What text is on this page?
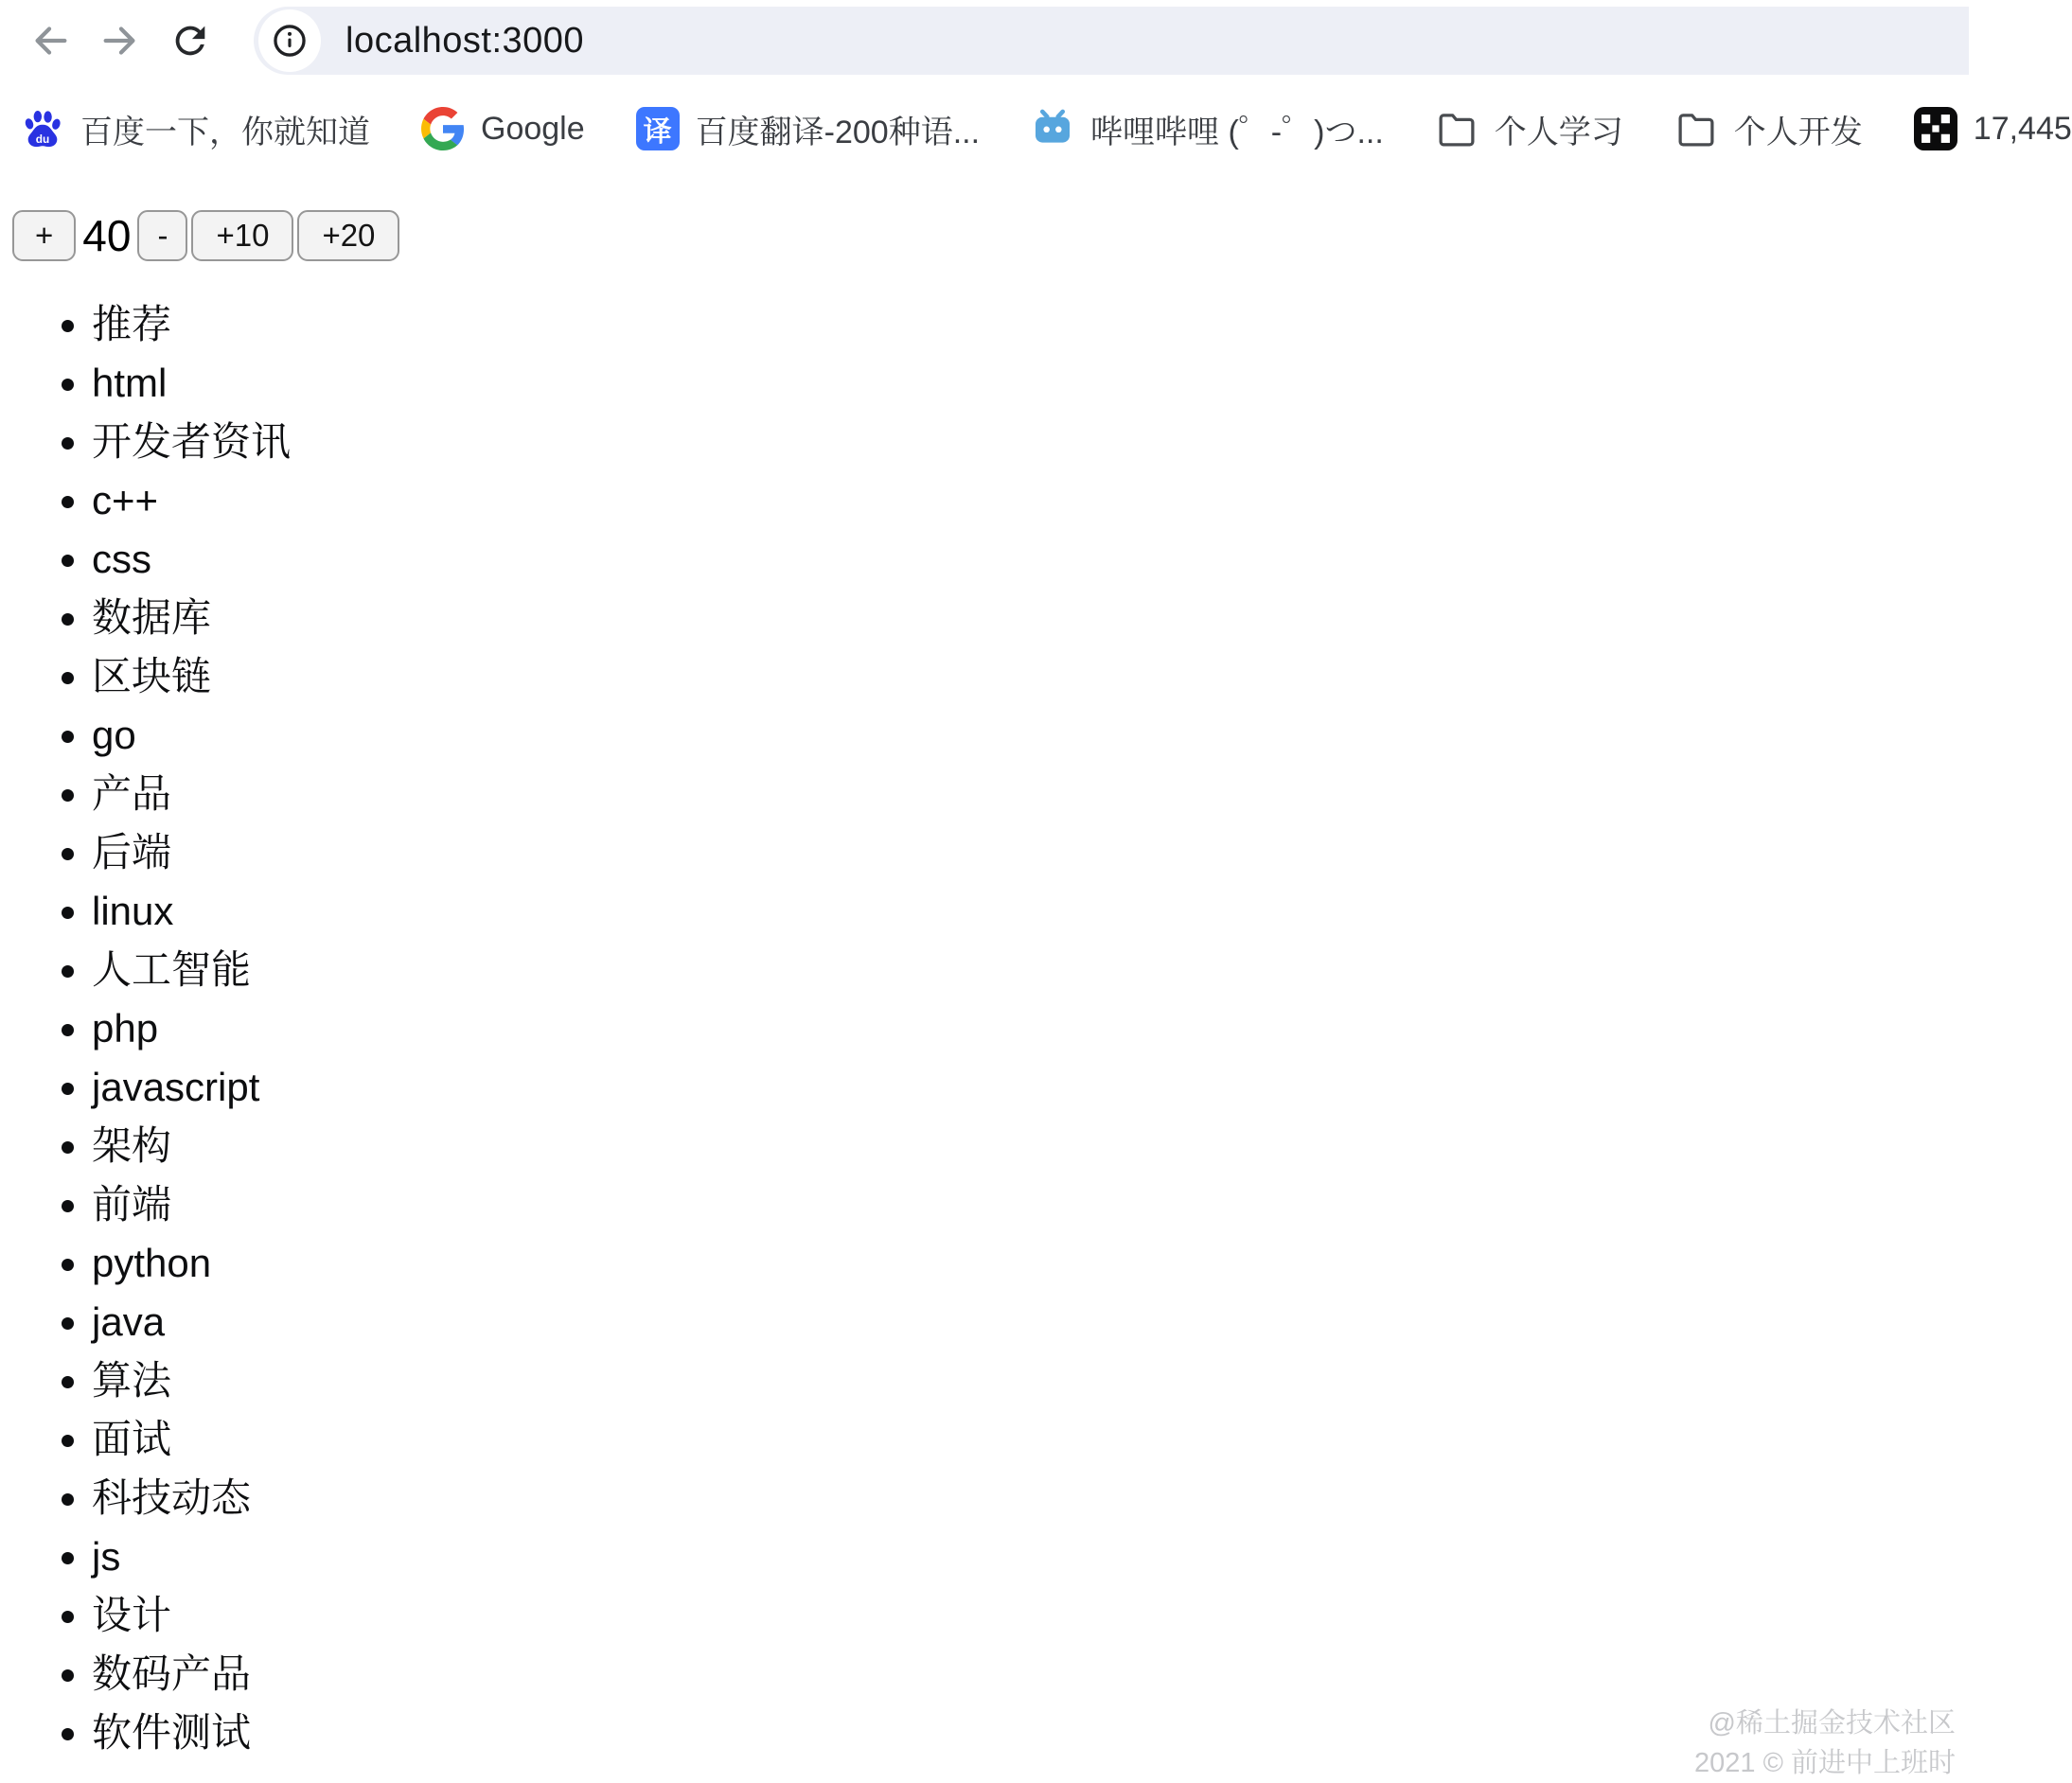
localhost:3000
du 百度一下，你就知道	Google 译 百度翻译-200种语...	哔哩哔哩 (゜-゜)つ...	个人学习	个人开发	17,445
+ 40 -	+10	+20
• 推荐
• html
• 开发者资讯
• c++
• css
• 数据库
• 区块链
• go
• 产品
• 后端
• linux
• 人工智能
• php
• javascript
• 架构
• 前端
• python
• java
• 算法
• 面试
• 科技动态
• js
• 设计
• 数码产品
• 软件测试	@稀土掘金技术社区
2021 © 前进中上班时
